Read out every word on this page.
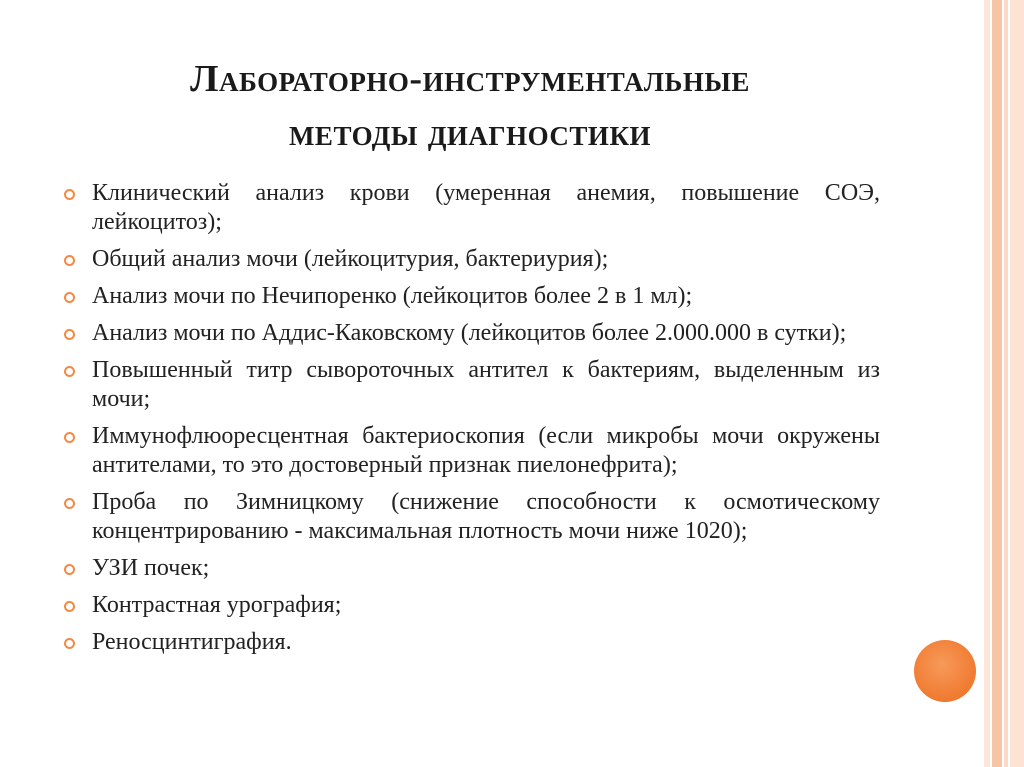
Лабораторно-инструментальные
методы диагностики
Клинический анализ крови (умеренная анемия, повышение СОЭ, лейкоцитоз);
Общий анализ мочи (лейкоцитурия, бактериурия);
Анализ мочи по Нечипоренко (лейкоцитов более 2 в 1 мл);
Анализ мочи по Аддис-Каковскому (лейкоцитов более 2.000.000 в сутки);
Повышенный титр сывороточных антител к бактериям, выделенным из мочи;
Иммунофлюоресцентная бактериоскопия (если микробы мочи окружены антителами, то это достоверный признак пиелонефрита);
Проба по Зимницкому (снижение способности к осмотическому концентрированию - максимальная плотность мочи ниже 1020);
УЗИ почек;
Контрастная урография;
Реносцинтиграфия.
